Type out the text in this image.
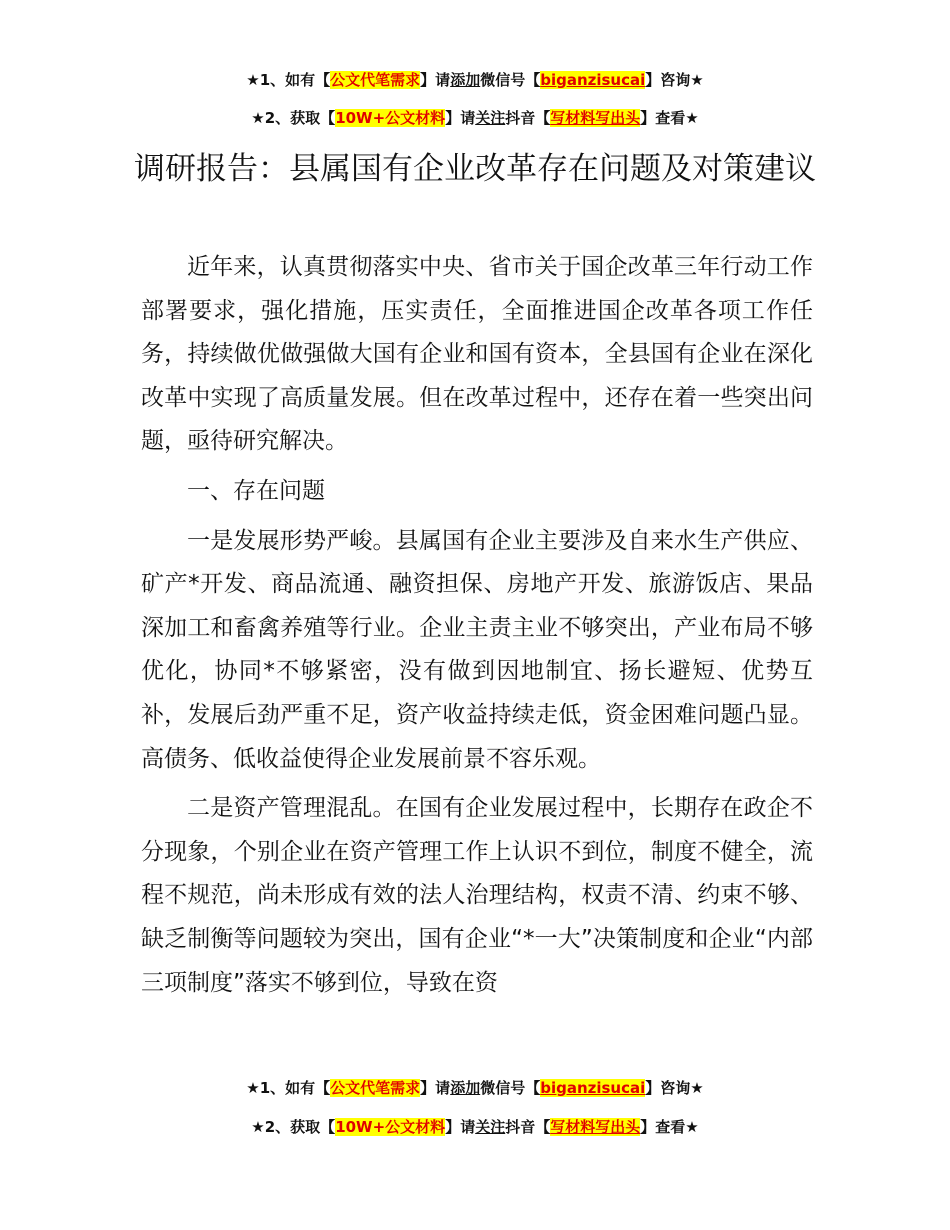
★1、如有【公文代笔需求】请添加微信号【biganzisucai】咨询★
★2、获取【10W+公文材料】请关注抖音【写材料写出头】查看★
调研报告：县属国有企业改革存在问题及对策建议

近年来，认真贯彻落实中央、省市关于国企改革三年行动工作部署要求，强化措施，压实责任，全面推进国企改革各项工作任务，持续做优做强做大国有企业和国有资本，全县国有企业在深化改革中实现了高质量发展。但在改革过程中，还存在着一些突出问题，亟待研究解决。

一、存在问题

一是发展形势严峻。县属国有企业主要涉及自来水生产供应、矿产*开发、商品流通、融资担保、房地产开发、旅游饭店、果品深加工和畜禽养殖等行业。企业主责主业不够突出，产业布局不够优化，协同*不够紧密，没有做到因地制宜、扬长避短、优势互补，发展后劲严重不足，资产收益持续走低，资金困难问题凸显。高债务、低收益使得企业发展前景不容乐观。

二是资产管理混乱。在国有企业发展过程中，长期存在政企不分现象，个别企业在资产管理工作上认识不到位，制度不健全，流程不规范，尚未形成有效的法人治理结构，权责不清、约束不够、缺乏制衡等问题较为突出，国有企业“*一大”决策制度和企业“内部三项制度”落实不够到位，导致在资

★1、如有【公文代笔需求】请添加微信号【biganzisucai】咨询★
★2、获取【10W+公文材料】请关注抖音【写材料写出头】查看★
